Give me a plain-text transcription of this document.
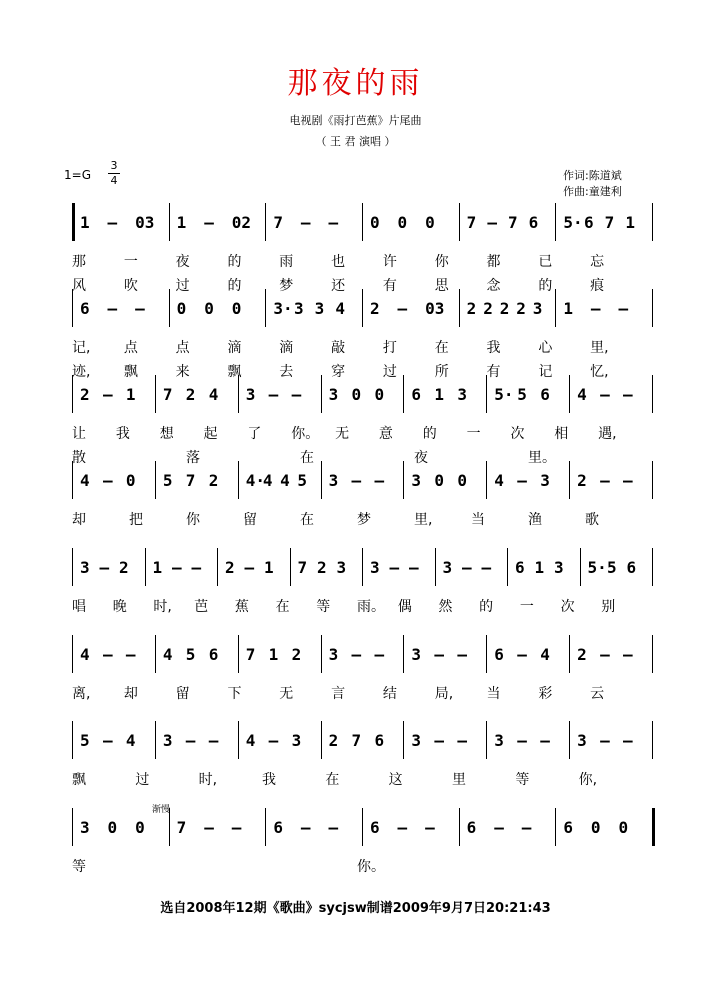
那夜的雨
电视剧《雨打芭蕉》片尾曲
（ 王 君 演唱 ）
1=G
3
4	作词:陈道斌
作曲:童建利
渐慢
1 – 03 1 – 02 7 – – 0 0 0 7 – 7 6 5· 6 7 1
那	一	夜	的	雨	也	许	你	都	已	忘
风	吹	过	的	梦	还	有	思	念	的	痕
6 – – 0 0 0 3· 3 3 4 2 – 03 2 2 2 2 3 1 – –
记, 点	点	滴	滴	敲	打	在	我	心	里,
迹, 飘	来	飘	去	穿	过	所	有	记	忆,
2 – 1 7 2 4 3 – – 3 0 0 6 1 3 5· 5 6 4 – –
让 我 想 起 了 你。 无 意 的 一 次 相 遇,
散	落	在	夜	里。
4 – 0 5 7 2 4·
4 4 5 3 – – 3 0 0 4 – 3 2 – –
却	把	你	留	在	梦	里,	当	渔	歌
3 – 2 1 – – 2 – 1 7 2 3 3 – – 3 – – 6 1 3 5· 5 6
唱 晚 时, 芭 蕉 在 等 雨。 偶 然 的 一 次 别
4 – – 4 5 6 7 1 2 3 – – 3 – – 6 – 4 2 – –
离, 却	留	下	无	言	结	局, 当	彩	云
5 – 4 3 – – 4 – 3 2 7 6 3 – – 3 – – 3 – –
飘	过	时,	我	在	这	里	等	你,
3 0 0 7 – – 6 – – 6 – – 6 – – 6 0 0
等	你。
选自2008年12期《歌曲》sycjsw制谱2009年9月7日20:21:43
